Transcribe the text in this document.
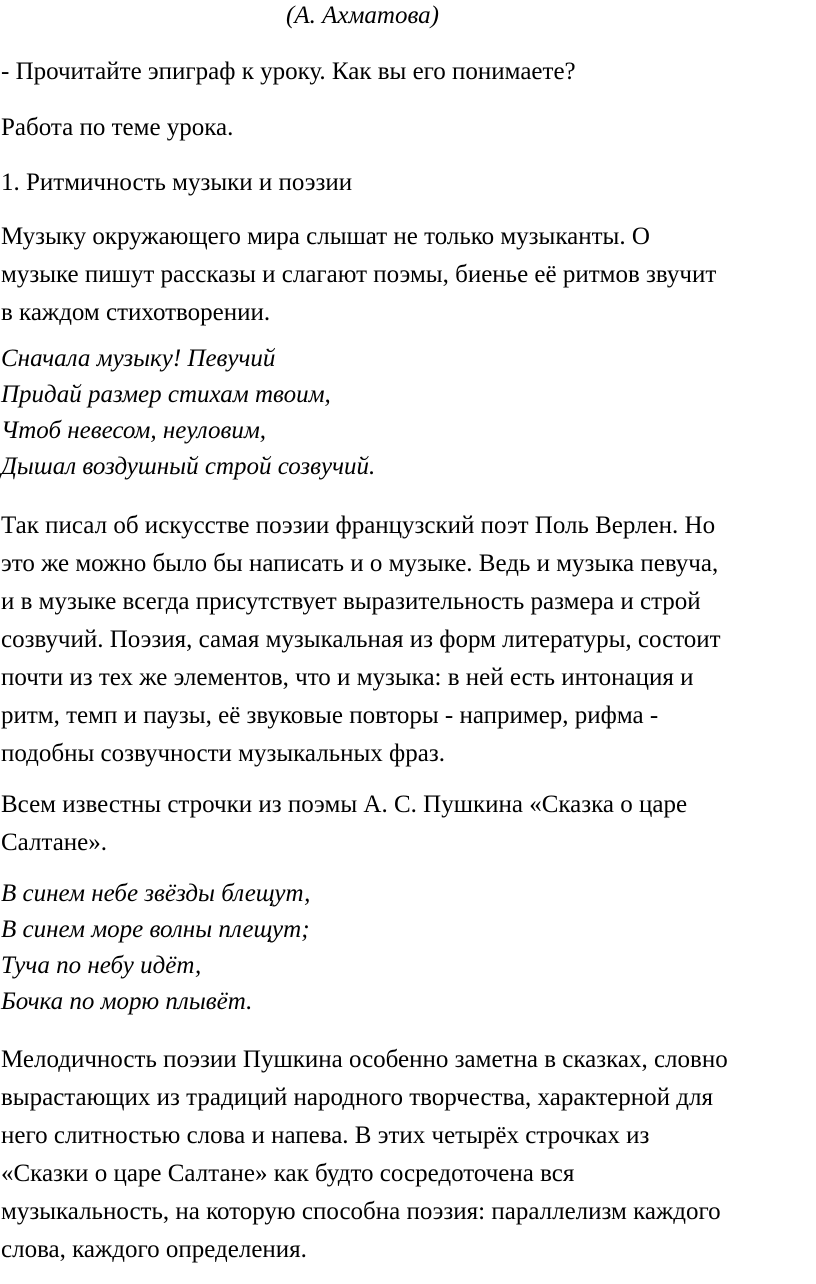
(А. Ахматова)

- Прочитайте эпиграф к уроку. Как вы его понимаете?

Работа по теме урока.

1. Ритмичность музыки и поэзии

Музыку окружающего мира слышат не только музыканты. О
музыке пишут рассказы и слагают поэмы, биенье её ритмов звучит
в каждом стихотворении.
Сначала музыку! Певучий
Придай размер стихам твоим,
Чтоб невесом, неуловим,
Дышал воздушный строй созвучий.
Так писал об искусстве поэзии французский поэт Поль Верлен. Но
это же можно было бы написать и о музыке. Ведь и музыка певуча,
и в музыке всегда присутствует выразительность размера и строй
созвучий. Поэзия, самая музыкальная из форм литературы, состоит
почти из тех же элементов, что и музыка: в ней есть интонация и
ритм, темп и паузы, её звуковые повторы - например, рифма -
подобны созвучности музыкальных фраз.
Всем известны строчки из поэмы А. С. Пушкина «Сказка о царе
Салтане».
В синем небе звёзды блещут,
В синем море волны плещут;
Туча по небу идёт,
Бочка по морю плывёт.
Мелодичность поэзии Пушкина особенно заметна в сказках, словно
вырастающих из традиций народного творчества, характерной для
него слитностью слова и напева. В этих четырёх строчках из
«Сказки о царе Салтане» как будто сосредоточена вся
музыкальность, на которую способна поэзия: параллелизм каждого
слова, каждого определения.
